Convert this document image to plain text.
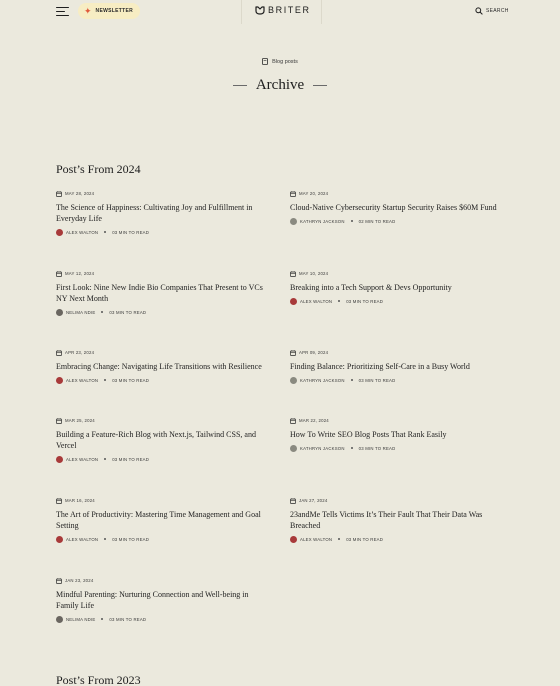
✦ NEWSLETTER	BRITER	SEARCH
Blog posts
Archive
Post’s From 2024
MAY 28, 2024
The Science of Happiness: Cultivating Joy and Fulfillment in Everyday Life
ALEX WALTON	03 MIN TO READ
MAY 20, 2024
Cloud-Native Cybersecurity Startup Security Raises $60M Fund
KATHRYN JACKSON	02 MIN TO READ
MAY 12, 2024
First Look: Nine New Indie Bio Companies That Present to VCs NY Next Month
NELIMA NDIE	03 MIN TO READ
MAY 10, 2024
Breaking into a Tech Support & Devs Opportunity
ALEX WALTON	03 MIN TO READ
APR 23, 2024
Embracing Change: Navigating Life Transitions with Resilience
ALEX WALTON	03 MIN TO READ
APR 09, 2024
Finding Balance: Prioritizing Self-Care in a Busy World
KATHRYN JACKSON	03 MIN TO READ
MAR 25, 2024
Building a Feature-Rich Blog with Next.js, Tailwind CSS, and Vercel
ALEX WALTON	03 MIN TO READ
MAR 22, 2024
How To Write SEO Blog Posts That Rank Easily
KATHRYN JACKSON	03 MIN TO READ
MAR 16, 2024
The Art of Productivity: Mastering Time Management and Goal Setting
ALEX WALTON	03 MIN TO READ
JAN 27, 2024
23andMe Tells Victims It’s Their Fault That Their Data Was Breached
ALEX WALTON	03 MIN TO READ
JAN 23, 2024
Mindful Parenting: Nurturing Connection and Well-being in Family Life
NELIMA NDIE	03 MIN TO READ
Post’s From 2023
